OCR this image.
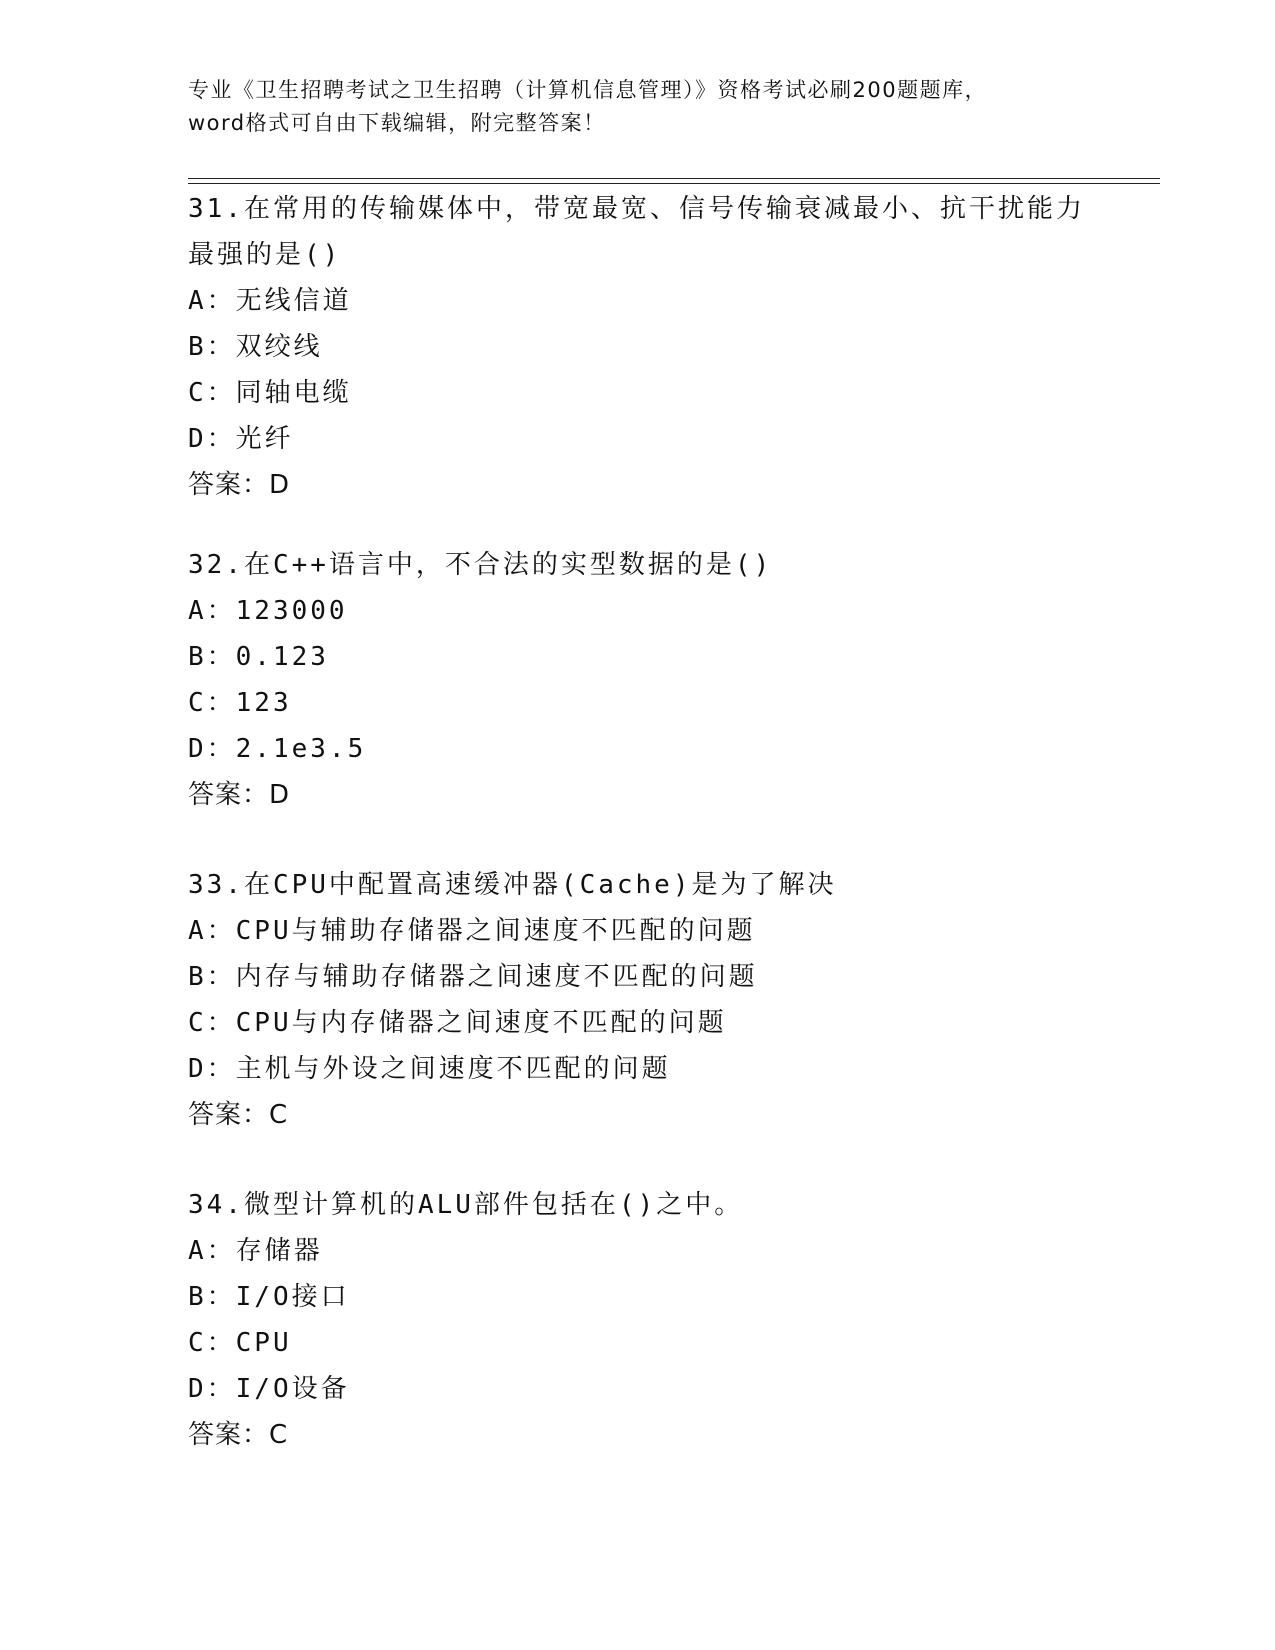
专业《卫生招聘考试之卫生招聘（计算机信息管理）》资格考试必刷200题题库，
word格式可自由下载编辑，附完整答案！
31.在常用的传输媒体中，带宽最宽、信号传输衰减最小、抗干扰能力
最强的是()
A：无线信道
B：双绞线
C：同轴电缆
D：光纤
答案：D
32.在C++语言中，不合法的实型数据的是()
A：123000
B：0.123
C：123
D：2.1e3.5
答案：D
33.在CPU中配置高速缓冲器(Cache)是为了解决
A：CPU与辅助存储器之间速度不匹配的问题
B：内存与辅助存储器之间速度不匹配的问题
C：CPU与内存储器之间速度不匹配的问题
D：主机与外设之间速度不匹配的问题
答案：C
34.微型计算机的ALU部件包括在()之中。
A：存储器
B：I/O接口
C：CPU
D：I/O设备
答案：C
